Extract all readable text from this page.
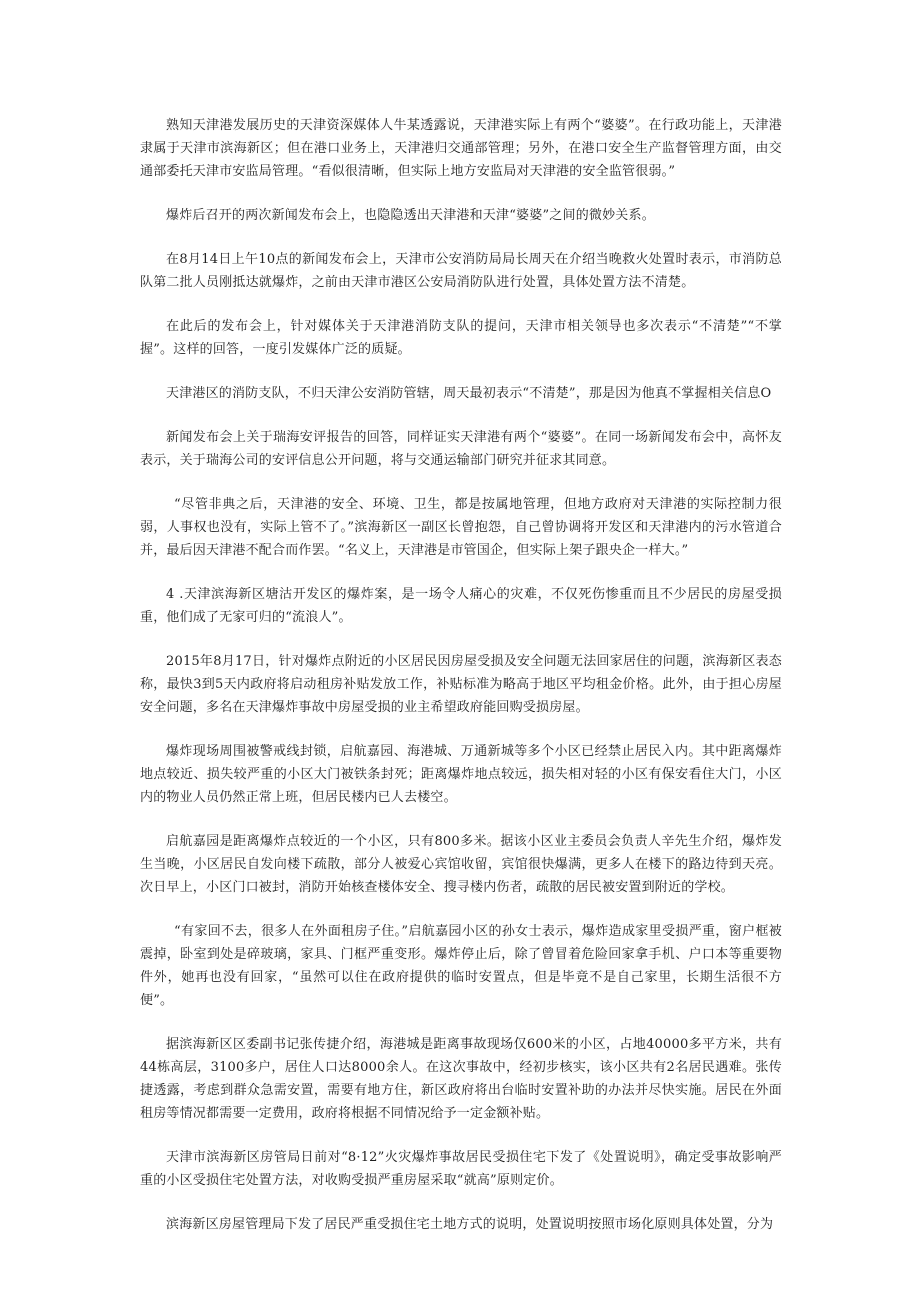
熟知天津港发展历史的天津资深媒体人牛某透露说，天津港实际上有两个“婆婆”。在行政功能上，天津港隶属于天津市滨海新区；但在港口业务上，天津港归交通部管理；另外，在港口安全生产监督管理方面，由交通部委托天津市安监局管理。“看似很清晰，但实际上地方安监局对天津港的安全监管很弱。”

爆炸后召开的两次新闻发布会上，也隐隐透出天津港和天津“婆婆”之间的微妙关系。

在8月14日上午10点的新闻发布会上，天津市公安消防局局长周天在介绍当晚救火处置时表示，市消防总队第二批人员刚抵达就爆炸，之前由天津市港区公安局消防队进行处置，具体处置方法不清楚。

在此后的发布会上，针对媒体关于天津港消防支队的提问，天津市相关领导也多次表示“不清楚”“不掌握”。这样的回答，一度引发媒体广泛的质疑。

天津港区的消防支队，不归天津公安消防管辖，周天最初表示“不清楚”，那是因为他真不掌握相关信息O

新闻发布会上关于瑞海安评报告的回答，同样证实天津港有两个“婆婆”。在同一场新闻发布会中，高怀友表示，关于瑞海公司的安评信息公开问题，将与交通运输部门研究并征求其同意。

“尽管非典之后，天津港的安全、环境、卫生，都是按属地管理，但地方政府对天津港的实际控制力很弱，人事权也没有，实际上管不了。”滨海新区一副区长曾抱怨，自己曾协调将开发区和天津港内的污水管道合并，最后因天津港不配合而作罢。“名义上，天津港是市管国企，但实际上架子跟央企一样大。”

4 .天津滨海新区塘沽开发区的爆炸案，是一场令人痛心的灾难，不仅死伤惨重而且不少居民的房屋受损重，他们成了无家可归的“流浪人”。

2015年8月17日，针对爆炸点附近的小区居民因房屋受损及安全问题无法回家居住的问题，滨海新区表态称，最快3到5天内政府将启动租房补贴发放工作，补贴标准为略高于地区平均租金价格。此外，由于担心房屋安全问题，多名在天津爆炸事故中房屋受损的业主希望政府能回购受损房屋。

爆炸现场周围被警戒线封锁，启航嘉园、海港城、万通新城等多个小区已经禁止居民入内。其中距离爆炸地点较近、损失较严重的小区大门被铁条封死；距离爆炸地点较远，损失相对轻的小区有保安看住大门，小区内的物业人员仍然正常上班，但居民楼内已人去楼空。

启航嘉园是距离爆炸点较近的一个小区，只有800多米。据该小区业主委员会负责人辛先生介绍，爆炸发生当晚，小区居民自发向楼下疏散，部分人被爱心宾馆收留，宾馆很快爆满，更多人在楼下的路边待到天亮。次日早上，小区门口被封，消防开始核查楼体安全、搜寻楼内伤者，疏散的居民被安置到附近的学校。

“有家回不去，很多人在外面租房子住。”启航嘉园小区的孙女士表示，爆炸造成家里受损严重，窗户框被震掉，卧室到处是碎玻璃，家具、门框严重变形。爆炸停止后，除了曾冒着危险回家拿手机、户口本等重要物件外，她再也没有回家，“虽然可以住在政府提供的临时安置点，但是毕竟不是自己家里，长期生活很不方便”。

据滨海新区区委副书记张传捷介绍，海港城是距离事故现场仅600米的小区，占地40000多平方米，共有44栋高层，3100多户，居住人口达8000余人。在这次事故中，经初步核实，该小区共有2名居民遇难。张传捷透露，考虑到群众急需安置，需要有地方住，新区政府将出台临时安置补助的办法并尽快实施。居民在外面租房等情况都需要一定费用，政府将根据不同情况给予一定金额补贴。

天津市滨海新区房管局日前对“8·12”火灾爆炸事故居民受损住宅下发了《处置说明》，确定受事故影响严重的小区受损住宅处置方法，对收购受损严重房屋采取“就高”原则定价。

滨海新区房屋管理局下发了居民严重受损住宅土地方式的说明，处置说明按照市场化原则具体处置，分为
